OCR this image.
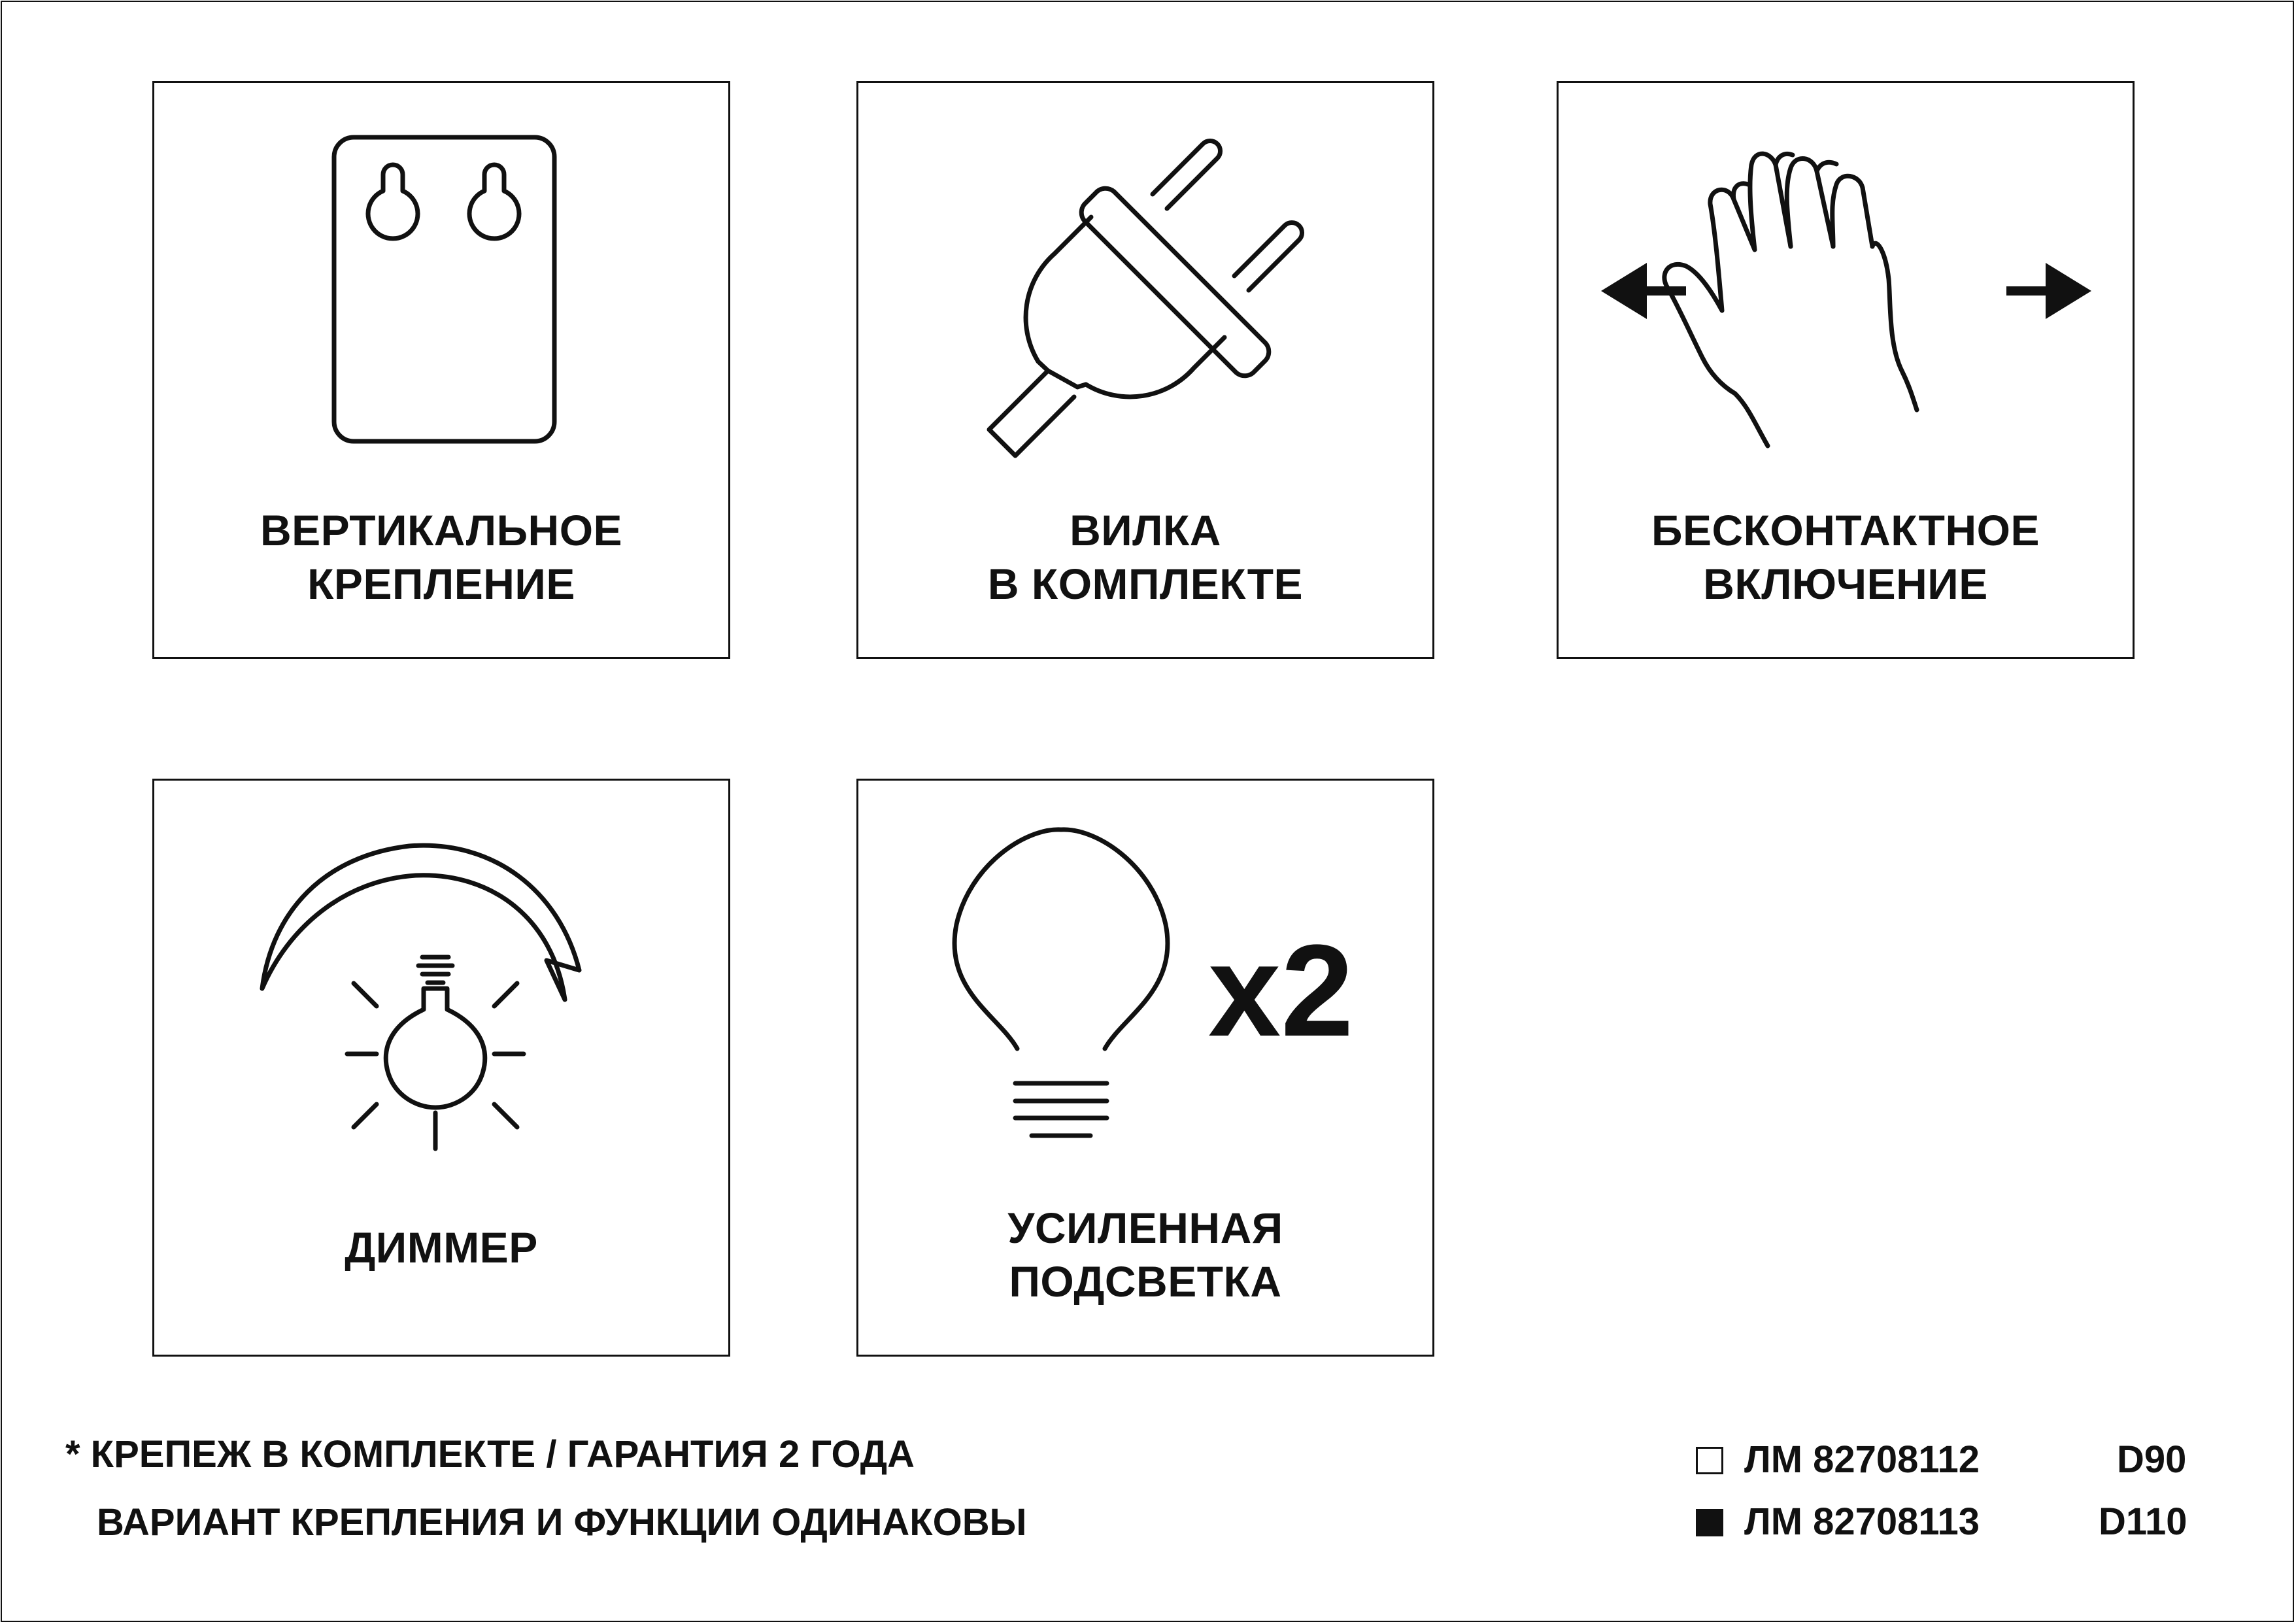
ВЕРТИКАЛЬНОЕ
КРЕПЛЕНИЕ
ВИЛКА
В КОМПЛЕКТЕ
БЕСКОНТАКТНОЕ
ВКЛЮЧЕНИЕ
ДИММЕР
x2
УСИЛЕННАЯ
ПОДСВЕТКА
* КРЕПЕЖ В КОМПЛЕКТЕ / ГАРАНТИЯ 2 ГОДА
ВАРИАНТ КРЕПЛЕНИЯ И ФУНКЦИИ ОДИНАКОВЫ
ЛМ 82708112	D90
ЛМ 82708113	D110
